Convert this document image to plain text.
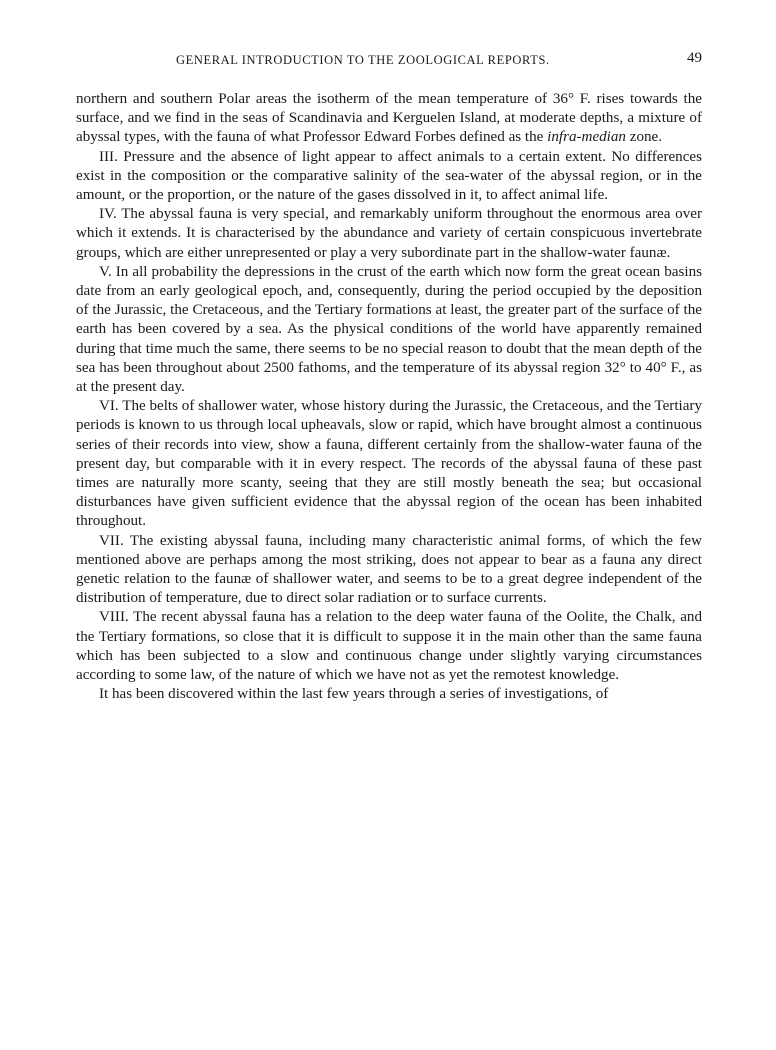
GENERAL INTRODUCTION TO THE ZOOLOGICAL REPORTS.	49

northern and southern Polar areas the isotherm of the mean temperature of 36° F. rises towards the surface, and we find in the seas of Scandinavia and Kerguelen Island, at moderate depths, a mixture of abyssal types, with the fauna of what Professor Edward Forbes defined as the infra-median zone.

III. Pressure and the absence of light appear to affect animals to a certain extent. No differences exist in the composition or the comparative salinity of the sea-water of the abyssal region, or in the amount, or the proportion, or the nature of the gases dissolved in it, to affect animal life.

IV. The abyssal fauna is very special, and remarkably uniform throughout the enormous area over which it extends. It is characterised by the abundance and variety of certain conspicuous invertebrate groups, which are either unrepresented or play a very subordinate part in the shallow-water faunæ.

V. In all probability the depressions in the crust of the earth which now form the great ocean basins date from an early geological epoch, and, consequently, during the period occupied by the deposition of the Jurassic, the Cretaceous, and the Tertiary formations at least, the greater part of the surface of the earth has been covered by a sea. As the physical conditions of the world have apparently remained during that time much the same, there seems to be no special reason to doubt that the mean depth of the sea has been throughout about 2500 fathoms, and the temperature of its abyssal region 32° to 40° F., as at the present day.

VI. The belts of shallower water, whose history during the Jurassic, the Cretaceous, and the Tertiary periods is known to us through local upheavals, slow or rapid, which have brought almost a continuous series of their records into view, show a fauna, different certainly from the shallow-water fauna of the present day, but comparable with it in every respect. The records of the abyssal fauna of these past times are naturally more scanty, seeing that they are still mostly beneath the sea; but occasional disturbances have given sufficient evidence that the abyssal region of the ocean has been inhabited throughout.

VII. The existing abyssal fauna, including many characteristic animal forms, of which the few mentioned above are perhaps among the most striking, does not appear to bear as a fauna any direct genetic relation to the faunæ of shallower water, and seems to be to a great degree independent of the distribution of temperature, due to direct solar radiation or to surface currents.

VIII. The recent abyssal fauna has a relation to the deep water fauna of the Oolite, the Chalk, and the Tertiary formations, so close that it is difficult to suppose it in the main other than the same fauna which has been subjected to a slow and continuous change under slightly varying circumstances according to some law, of the nature of which we have not as yet the remotest knowledge.

It has been discovered within the last few years through a series of investigations, of
